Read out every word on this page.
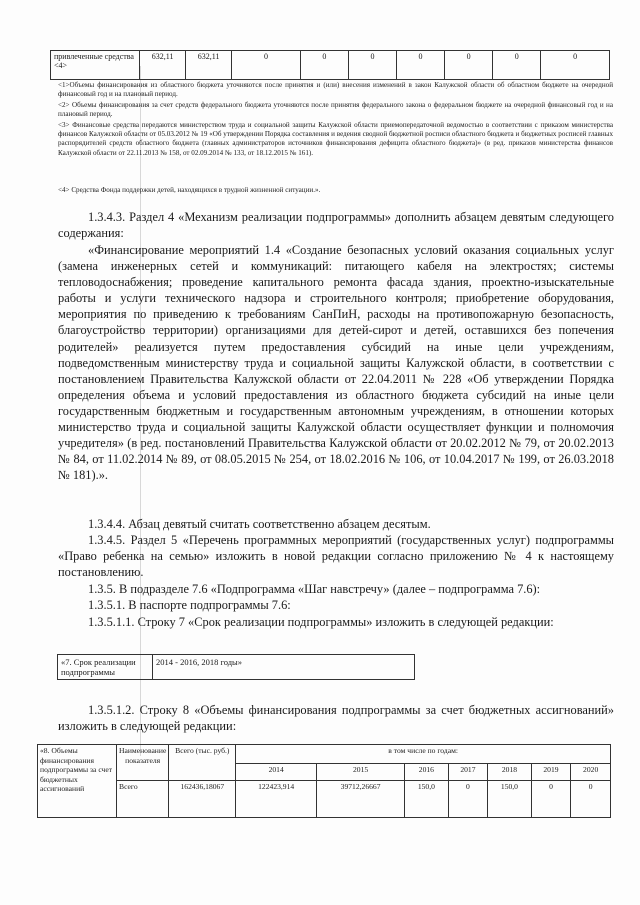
привлеченные средства <4>	632,11	632,11	0	0	0	0	0	0	0
<1>Объемы финансирования из областного бюджета уточняются после принятия и (или) внесения изменений в закон Калужской области об областном бюджете на очередной финансовый год и на плановый период.
<2> Объемы финансирования за счет средств федерального бюджета уточняются после принятия федерального закона о федеральном бюджете на очередной финансовый год и на плановый период.
<3> Финансовые средства передаются министерством труда и социальной защиты Калужской области приемопередаточной ведомостью в соответствии с приказом министерства финансов Калужской области от 05.03.2012 № 19 «Об утверждении Порядка составления и ведения сводной бюджетной росписи областного бюджета и бюджетных росписей главных распорядителей средств областного бюджета (главных администраторов источников финансирования дефицита областного бюджета)» (в ред. приказов министерства финансов Калужской области от 22.11.2013 № 158, от 02.09.2014 № 133, от 18.12.2015 № 161).
<4> Средства Фонда поддержки детей, находящихся в трудной жизненной ситуации.».
1.3.4.3. Раздел 4 «Механизм реализации подпрограммы» дополнить абзацем девятым следующего содержания:
«Финансирование мероприятий 1.4 «Создание безопасных условий оказания социальных услуг (замена инженерных сетей и коммуникаций: питающего кабеля на электростях; системы тепловодоснабжения; проведение капитального ремонта фасада здания, проектно-изыскательные работы и услуги технического надзора и строительного контроля; приобретение оборудования, мероприятия по приведению к требованиям СанПиН, расходы на противопожарную безопасность, благоустройство территории) организациями для детей-сирот и детей, оставшихся без попечения родителей» реализуется путем предоставления субсидий на иные цели учреждениям, подведомственным министерству труда и социальной защиты Калужской области, в соответствии с постановлением Правительства Калужской области от 22.04.2011 № 228 «Об утверждении Порядка определения объема и условий предоставления из областного бюджета субсидий на иные цели государственным бюджетным и государственным автономным учреждениям, в отношении которых министерство труда и социальной защиты Калужской области осуществляет функции и полномочия учредителя» (в ред. постановлений Правительства Калужской области от 20.02.2012 № 79, от 20.02.2013 № 84, от 11.02.2014 № 89, от 08.05.2015 № 254, от 18.02.2016 № 106, от 10.04.2017 № 199, от 26.03.2018 № 181).».
1.3.4.4. Абзац девятый считать соответственно абзацем десятым.
1.3.4.5. Раздел 5 «Перечень программных мероприятий (государственных услуг) подпрограммы «Право ребенка на семью» изложить в новой редакции согласно приложению № 4 к настоящему постановлению.
1.3.5. В подразделе 7.6 «Подпрограмма «Шаг навстречу» (далее – подпрограмма 7.6):
1.3.5.1. В паспорте подпрограммы 7.6:
1.3.5.1.1. Строку 7 «Срок реализации подпрограммы» изложить в следующей редакции:
«7. Срок реализации подпрограммы	2014 - 2016, 2018 годы»
1.3.5.1.2. Строку 8 «Объемы финансирования подпрограммы за счет бюджетных ассигнований» изложить в следующей редакции:
«8. Объемы финансирования подпрограммы за счет бюджетных ассигнований	Наименование показателя	Всего (тыс. руб.)	в том числе по годам:						
			2014	2015	2016	2017	2018	2019	2020
	Всего	162436,18067	122423,914	39712,26667	150,0	0	150,0	0	0
